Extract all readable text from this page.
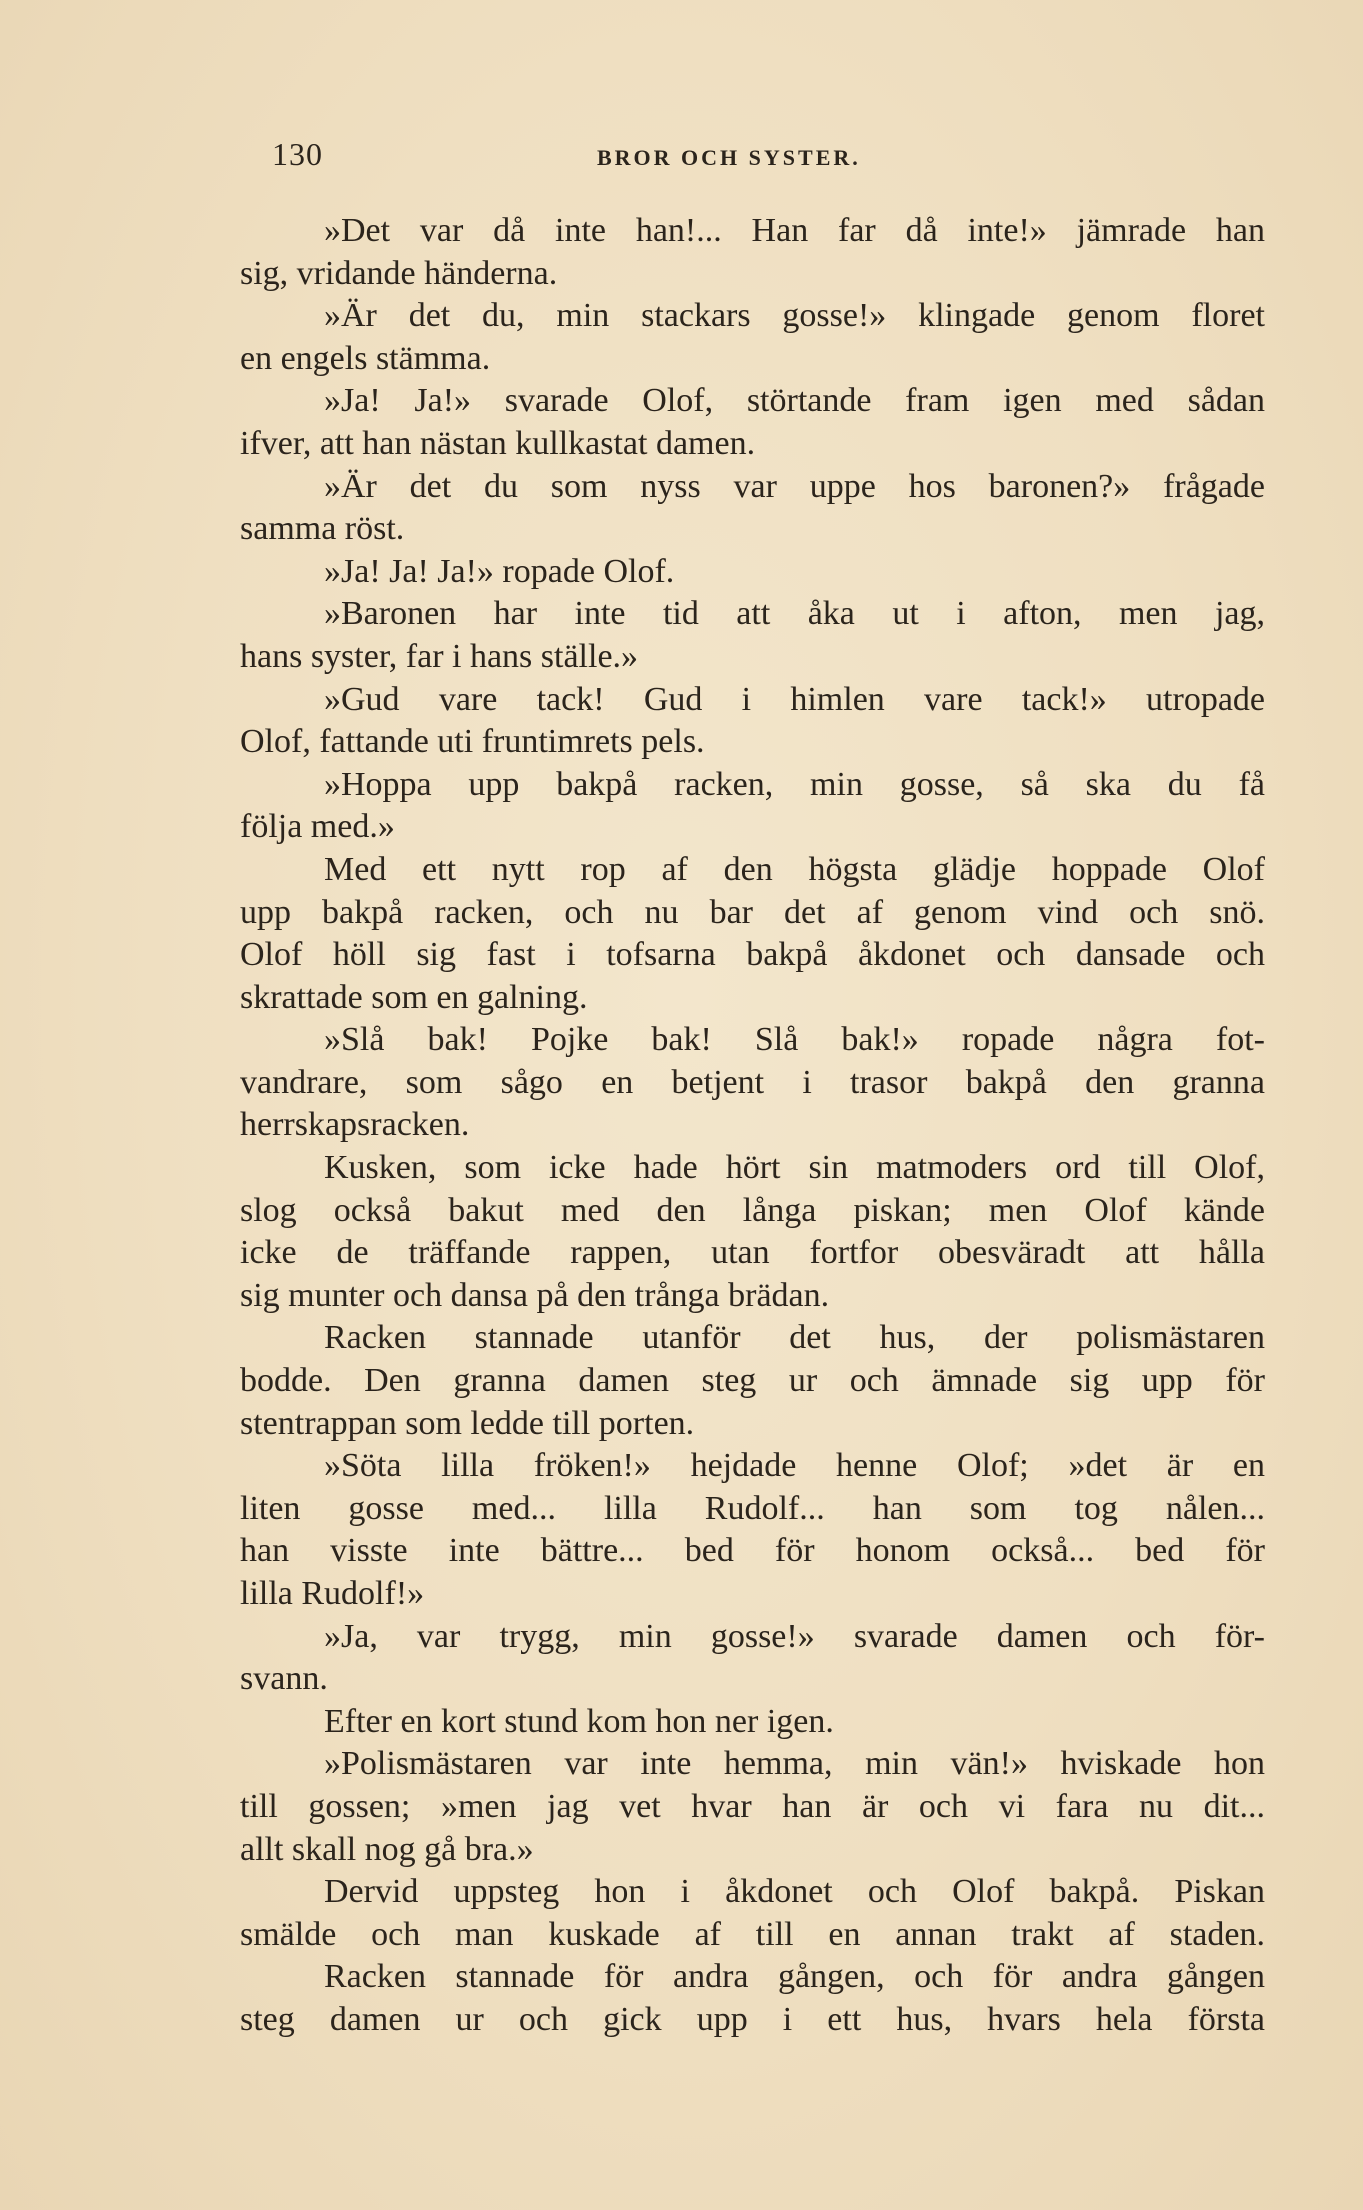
130	BROR OCH SYSTER.
»Det var då inte han!... Han far då inte!» jämrade han
sig, vridande händerna.
»Är det du, min stackars gosse!» klingade genom floret
en engels stämma.
»Ja! Ja!» svarade Olof, störtande fram igen med sådan
ifver, att han nästan kullkastat damen.
»Är det du som nyss var uppe hos baronen?» frågade
samma röst.
»Ja! Ja! Ja!» ropade Olof.
»Baronen har inte tid att åka ut i afton, men jag,
hans syster, far i hans ställe.»
»Gud vare tack! Gud i himlen vare tack!» utropade
Olof, fattande uti fruntimrets pels.
»Hoppa upp bakpå racken, min gosse, så ska du få
följa med.»
Med ett nytt rop af den högsta glädje hoppade Olof
upp bakpå racken, och nu bar det af genom vind och snö.
Olof höll sig fast i tofsarna bakpå åkdonet och dansade och
skrattade som en galning.
»Slå bak! Pojke bak! Slå bak!» ropade några fot-
vandrare, som sågo en betjent i trasor bakpå den granna
herrskapsracken.
Kusken, som icke hade hört sin matmoders ord till Olof,
slog också bakut med den långa piskan; men Olof kände
icke de träffande rappen, utan fortfor obesväradt att hålla
sig munter och dansa på den trånga brädan.
Racken stannade utanför det hus, der polismästaren
bodde. Den granna damen steg ur och ämnade sig upp för
stentrappan som ledde till porten.
»Söta lilla fröken!» hejdade henne Olof; »det är en
liten gosse med... lilla Rudolf... han som tog nålen...
han visste inte bättre... bed för honom också... bed för
lilla Rudolf!»
»Ja, var trygg, min gosse!» svarade damen och för-
svann.
Efter en kort stund kom hon ner igen.
»Polismästaren var inte hemma, min vän!» hviskade hon
till gossen; »men jag vet hvar han är och vi fara nu dit...
allt skall nog gå bra.»
Dervid uppsteg hon i åkdonet och Olof bakpå. Piskan
smälde och man kuskade af till en annan trakt af staden.
Racken stannade för andra gången, och för andra gången
steg damen ur och gick upp i ett hus, hvars hela första
